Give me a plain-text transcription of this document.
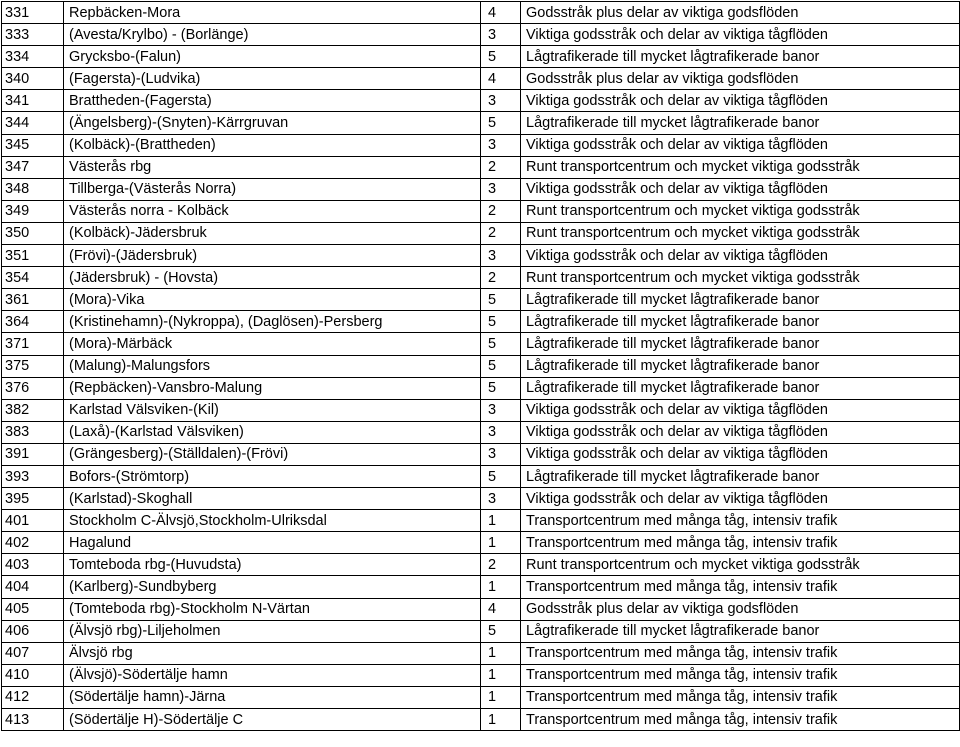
331	Repbäcken-Mora	4	Godsstråk plus delar av viktiga godsflöden
333	(Avesta/Krylbo) - (Borlänge)	3	Viktiga godsstråk och delar av viktiga tågflöden
334	Grycksbo-(Falun)	5	Lågtrafikerade till mycket lågtrafikerade banor
340	(Fagersta)-(Ludvika)	4	Godsstråk plus delar av viktiga godsflöden
341	Brattheden-(Fagersta)	3	Viktiga godsstråk och delar av viktiga tågflöden
344	(Ängelsberg)-(Snyten)-Kärrgruvan	5	Lågtrafikerade till mycket lågtrafikerade banor
345	(Kolbäck)-(Brattheden)	3	Viktiga godsstråk och delar av viktiga tågflöden
347	Västerås rbg	2	Runt transportcentrum och mycket viktiga godsstråk
348	Tillberga-(Västerås Norra)	3	Viktiga godsstråk och delar av viktiga tågflöden
349	Västerås norra - Kolbäck	2	Runt transportcentrum och mycket viktiga godsstråk
350	(Kolbäck)-Jädersbruk	2	Runt transportcentrum och mycket viktiga godsstråk
351	(Frövi)-(Jädersbruk)	3	Viktiga godsstråk och delar av viktiga tågflöden
354	(Jädersbruk) - (Hovsta)	2	Runt transportcentrum och mycket viktiga godsstråk
361	(Mora)-Vika	5	Lågtrafikerade till mycket lågtrafikerade banor
364	(Kristinehamn)-(Nykroppa), (Daglösen)-Persberg	5	Lågtrafikerade till mycket lågtrafikerade banor
371	(Mora)-Märbäck	5	Lågtrafikerade till mycket lågtrafikerade banor
375	(Malung)-Malungsfors	5	Lågtrafikerade till mycket lågtrafikerade banor
376	(Repbäcken)-Vansbro-Malung	5	Lågtrafikerade till mycket lågtrafikerade banor
382	Karlstad Välsviken-(Kil)	3	Viktiga godsstråk och delar av viktiga tågflöden
383	(Laxå)-(Karlstad Välsviken)	3	Viktiga godsstråk och delar av viktiga tågflöden
391	(Grängesberg)-(Ställdalen)-(Frövi)	3	Viktiga godsstråk och delar av viktiga tågflöden
393	Bofors-(Strömtorp)	5	Lågtrafikerade till mycket lågtrafikerade banor
395	(Karlstad)-Skoghall	3	Viktiga godsstråk och delar av viktiga tågflöden
401	Stockholm C-Älvsjö,Stockholm-Ulriksdal	1	Transportcentrum med många tåg, intensiv trafik
402	Hagalund	1	Transportcentrum med många tåg, intensiv trafik
403	Tomteboda rbg-(Huvudsta)	2	Runt transportcentrum och mycket viktiga godsstråk
404	(Karlberg)-Sundbyberg	1	Transportcentrum med många tåg, intensiv trafik
405	(Tomteboda rbg)-Stockholm N-Värtan	4	Godsstråk plus delar av viktiga godsflöden
406	(Älvsjö rbg)-Liljeholmen	5	Lågtrafikerade till mycket lågtrafikerade banor
407	Älvsjö rbg	1	Transportcentrum med många tåg, intensiv trafik
410	(Älvsjö)-Södertälje hamn	1	Transportcentrum med många tåg, intensiv trafik
412	(Södertälje hamn)-Järna	1	Transportcentrum med många tåg, intensiv trafik
413	(Södertälje H)-Södertälje C	1	Transportcentrum med många tåg, intensiv trafik
